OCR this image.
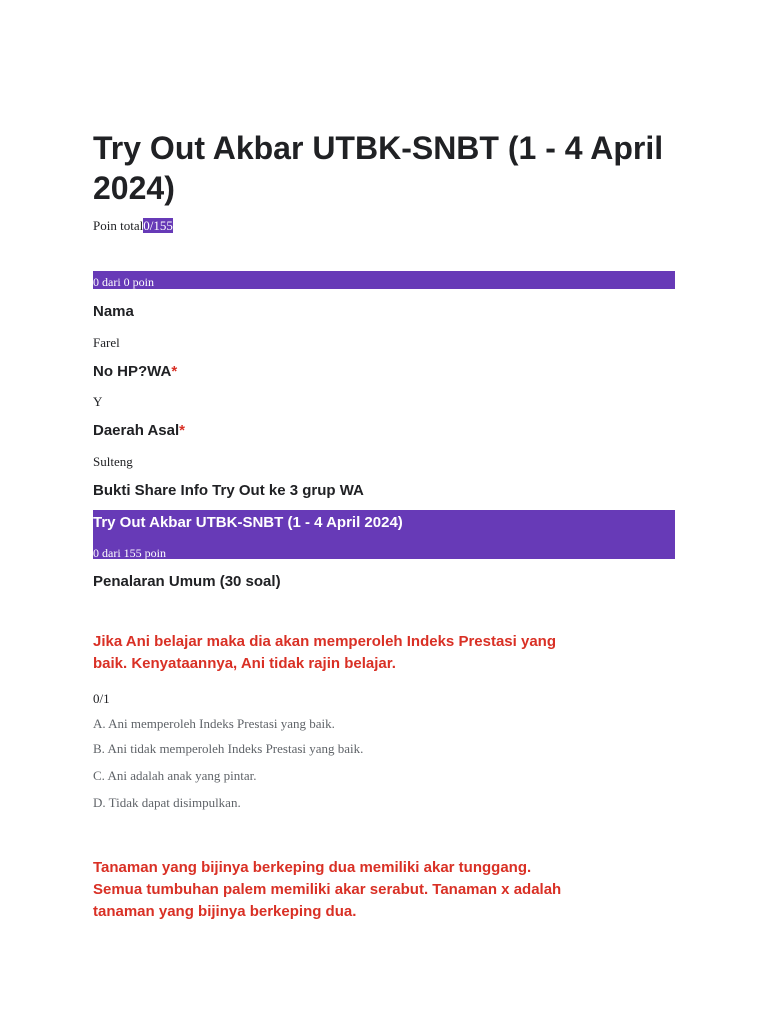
Try Out Akbar UTBK-SNBT (1 - 4 April 2024)
Poin total0/155
0 dari 0 poin
Nama
Farel
No HP?WA*
Y
Daerah Asal*
Sulteng
Bukti Share Info Try Out ke 3 grup WA
Try Out Akbar UTBK-SNBT (1 - 4 April 2024)
0 dari 155 poin
Penalaran Umum (30 soal)
Jika Ani belajar maka dia akan memperoleh Indeks Prestasi yang
baik. Kenyataannya, Ani tidak rajin belajar.
0/1
A. Ani memperoleh Indeks Prestasi yang baik.
B. Ani tidak memperoleh Indeks Prestasi yang baik.
C. Ani adalah anak yang pintar.
D. Tidak dapat disimpulkan.
Tanaman yang bijinya berkeping dua memiliki akar tunggang.
Semua tumbuhan palem memiliki akar serabut. Tanaman x adalah
tanaman yang bijinya berkeping dua.
